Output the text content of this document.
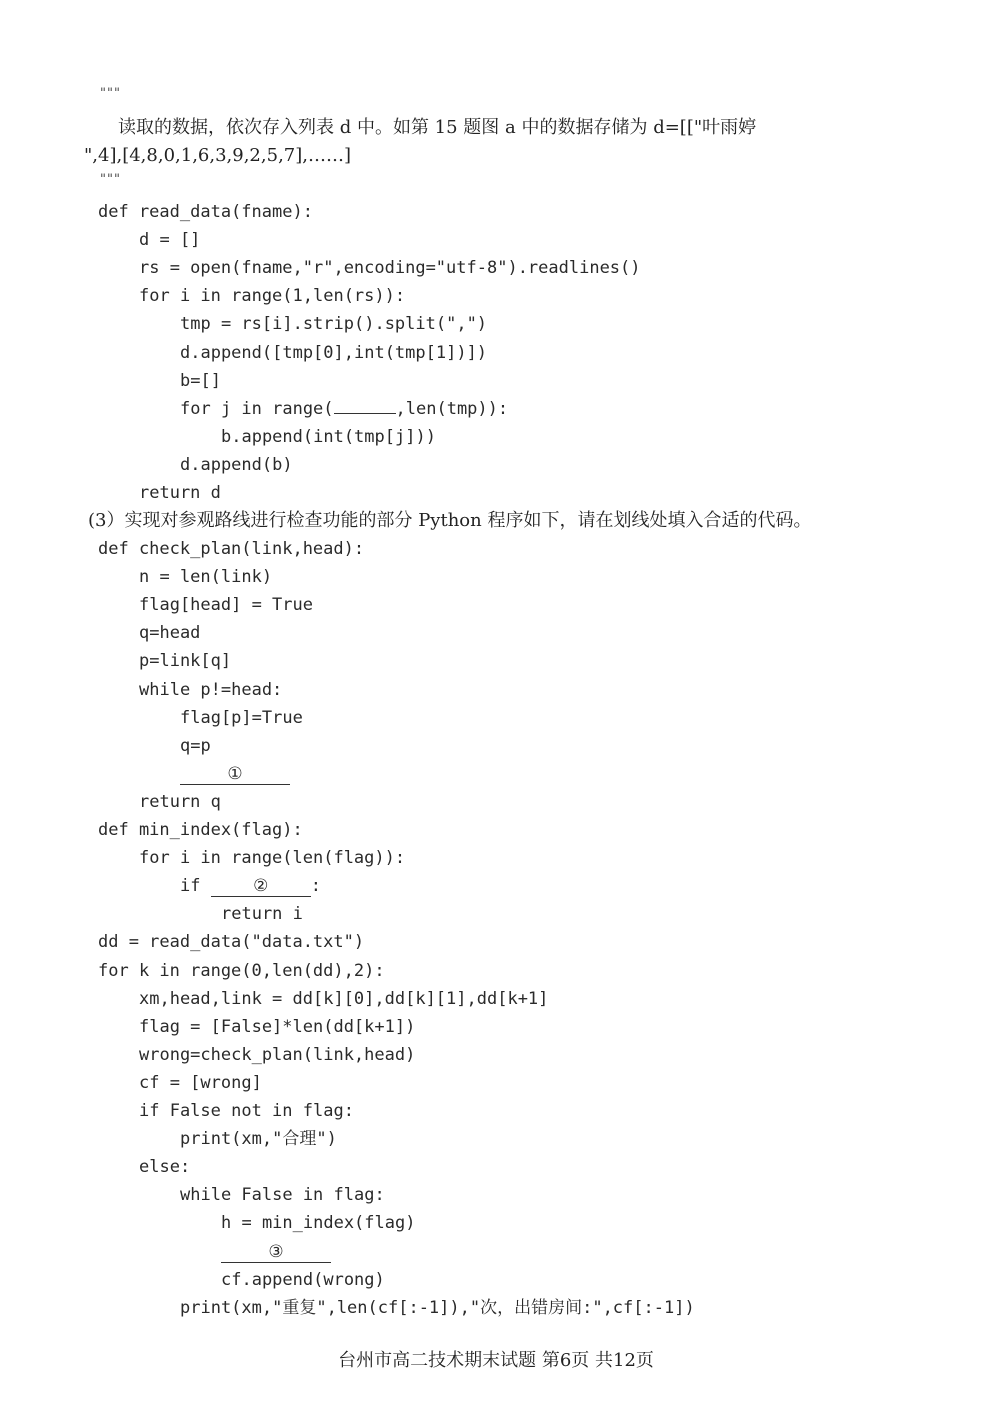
"""
读取的数据，依次存入列表 d 中。如第 15 题图 a 中的数据存储为 d=[["叶雨婷
",4],[4,8,0,1,6,3,9,2,5,7],……]
"""
def read_data(fname):
d = []
rs = open(fname,"r",encoding="utf-8").readlines()
for i in range(1,len(rs)):
tmp = rs[i].strip().split(",")
d.append([tmp[0],int(tmp[1])])
b=[]
for j in range(	,len(tmp)):
b.append(int(tmp[j]))
d.append(b)
return d
(3）实现对参观路线进行检查功能的部分 Python 程序如下，请在划线处填入合适的代码。
def check_plan(link,head):
n = len(link)
flag[head] = True
q=head
p=link[q]
while p!=head:
flag[p]=True
q=p
①
return q
def min_index(flag):
for i in range(len(flag)):
if ② :
return i
dd = read_data("data.txt")
for k in range(0,len(dd),2):
xm,head,link = dd[k][0],dd[k][1],dd[k+1]
flag = [False]*len(dd[k+1])
wrong=check_plan(link,head)
cf = [wrong]
if False not in flag:
print(xm,"合理")
else:
while False in flag:
h = min_index(flag)
③
cf.append(wrong)
print(xm,"重复",len(cf[:-1]),"次，出错房间:",cf[:-1])
台州市高二技术期末试题 第6页 共12页
